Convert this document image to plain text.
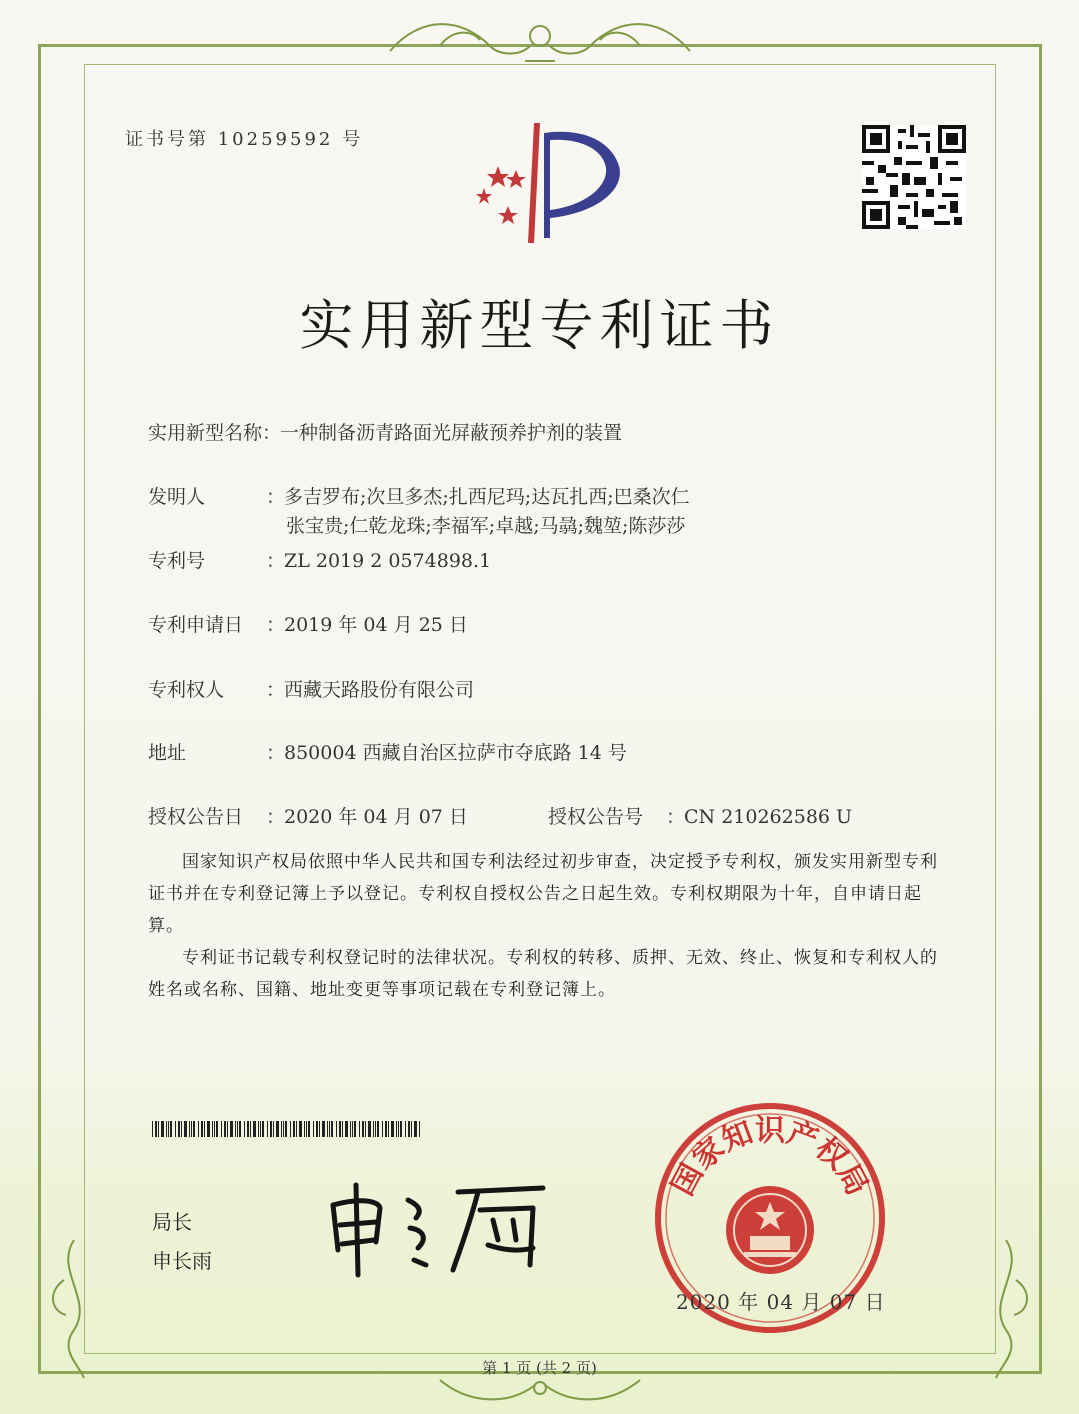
证书号第 10259592 号
实用新型专利证书
实用新型名称：一种制备沥青路面光屏蔽预养护剂的装置
发明人	：多吉罗布;次旦多杰;扎西尼玛;达瓦扎西;巴桑次仁
张宝贵;仁乾龙珠;李福军;卓越;马骉;魏堃;陈莎莎
专利号	：ZL 2019 2 0574898.1
专利申请日 ：2019 年 04 月 25 日
专利权人 ：西藏天路股份有限公司
地址	：850004 西藏自治区拉萨市夺底路 14 号
授权公告日 ：2020 年 04 月 07 日	授权公告号 ：CN 210262586 U
国家知识产权局依照中华人民共和国专利法经过初步审查，决定授予专利权，颁发实用新型专利证书并在专利登记簿上予以登记。专利权自授权公告之日起生效。专利权期限为十年，自申请日起算。
专利证书记载专利权登记时的法律状况。专利权的转移、质押、无效、终止、恢复和专利权人的姓名或名称、国籍、地址变更等事项记载在专利登记簿上。
局长
申长雨
国家知识产权局
2020 年 04 月 07 日
第 1 页 (共 2 页)
